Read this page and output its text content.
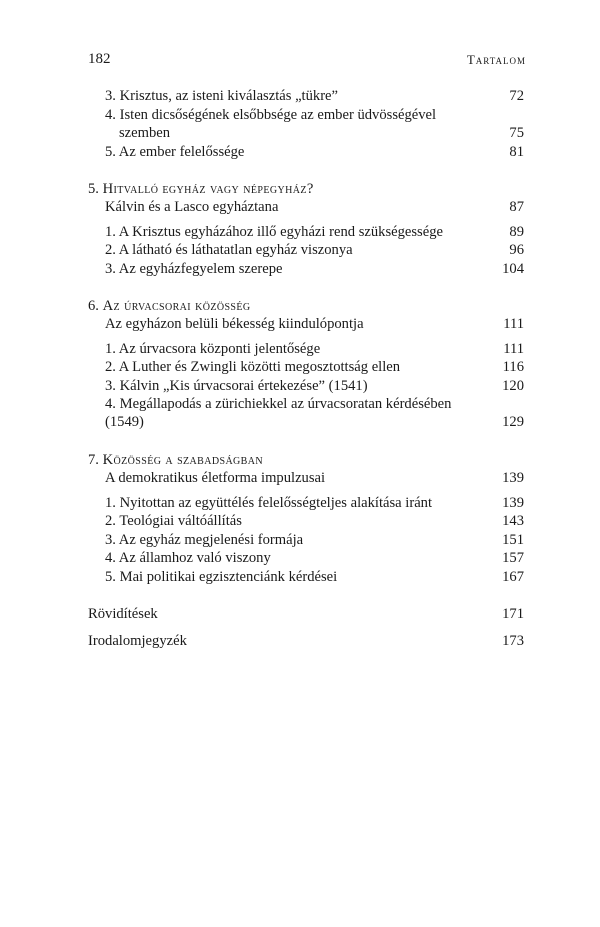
182	Tartalom
3. Krisztus, az isteni kiválasztás „tükre”	72
4. Isten dicsőségének elsőbbsége az ember üdvösségével
szemben	75
5. Az ember felelőssége	81
5. Hitvalló egyház vagy népegyház?
Kálvin és a Lasco egyháztana	87
1. A Krisztus egyházához illő egyházi rend szükségessége	89
2. A látható és láthatatlan egyház viszonya	96
3. Az egyházfegyelem szerepe	104
6. Az úrvacsorai közösség
Az egyházon belüli békesség kiindulópontja	111
1. Az úrvacsora központi jelentősége	111
2. A Luther és Zwingli közötti megosztottság ellen	116
3. Kálvin „Kis úrvacsorai értekezése” (1541)	120
4. Megállapodás a zürichiekkel az úrvacsoratan kérdésében
(1549)	129
7. Közösség a szabadságban
A demokratikus életforma impulzusai	139
1. Nyitottan az együttélés felelősségteljes alakítása iránt	139
2. Teológiai váltóállítás	143
3. Az egyház megjelenési formája	151
4. Az államhoz való viszony	157
5. Mai politikai egzisztenciánk kérdései	167
Rövidítések	171
Irodalomjegyzék	173
